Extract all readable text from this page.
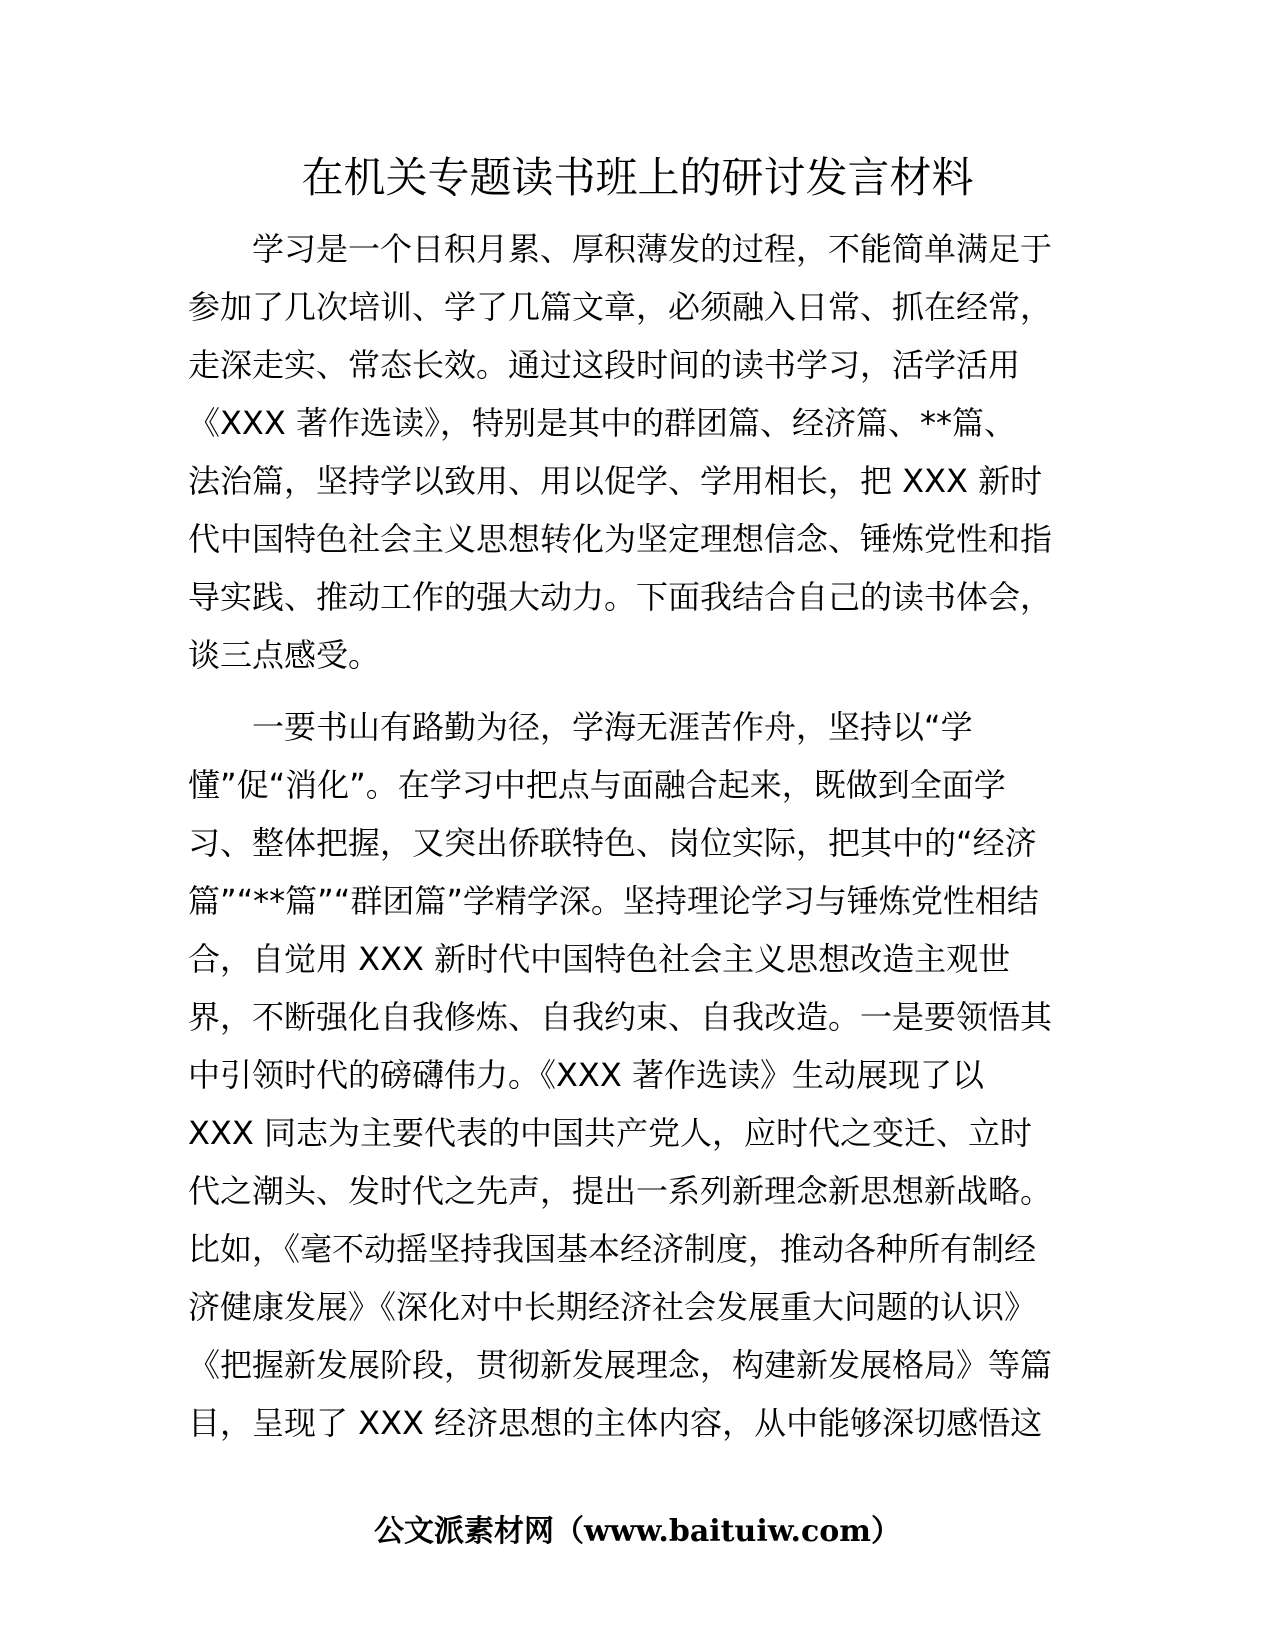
在机关专题读书班上的研讨发言材料
学习是一个日积月累、厚积薄发的过程，不能简单满足于
参加了几次培训、学了几篇文章，必须融入日常、抓在经常，
走深走实、常态长效。通过这段时间的读书学习，活学活用
《XXX 著作选读》，特别是其中的群团篇、经济篇、**篇、
法治篇，坚持学以致用、用以促学、学用相长，把 XXX 新时
代中国特色社会主义思想转化为坚定理想信念、锤炼党性和指
导实践、推动工作的强大动力。下面我结合自己的读书体会，
谈三点感受。
一要书山有路勤为径，学海无涯苦作舟，坚持以“学
懂”促“消化”。在学习中把点与面融合起来，既做到全面学
习、整体把握，又突出侨联特色、岗位实际，把其中的“经济
篇”“**篇”“群团篇”学精学深。坚持理论学习与锤炼党性相结
合，自觉用 XXX 新时代中国特色社会主义思想改造主观世
界，不断强化自我修炼、自我约束、自我改造。一是要领悟其
中引领时代的磅礴伟力。《XXX 著作选读》生动展现了以
XXX 同志为主要代表的中国共产党人，应时代之变迁、立时
代之潮头、发时代之先声，提出一系列新理念新思想新战略。
比如，《毫不动摇坚持我国基本经济制度，推动各种所有制经
济健康发展》《深化对中长期经济社会发展重大问题的认识》
《把握新发展阶段，贯彻新发展理念，构建新发展格局》等篇
目，呈现了 XXX 经济思想的主体内容，从中能够深切感悟这
公文派素材网（www.baituiw.com）
